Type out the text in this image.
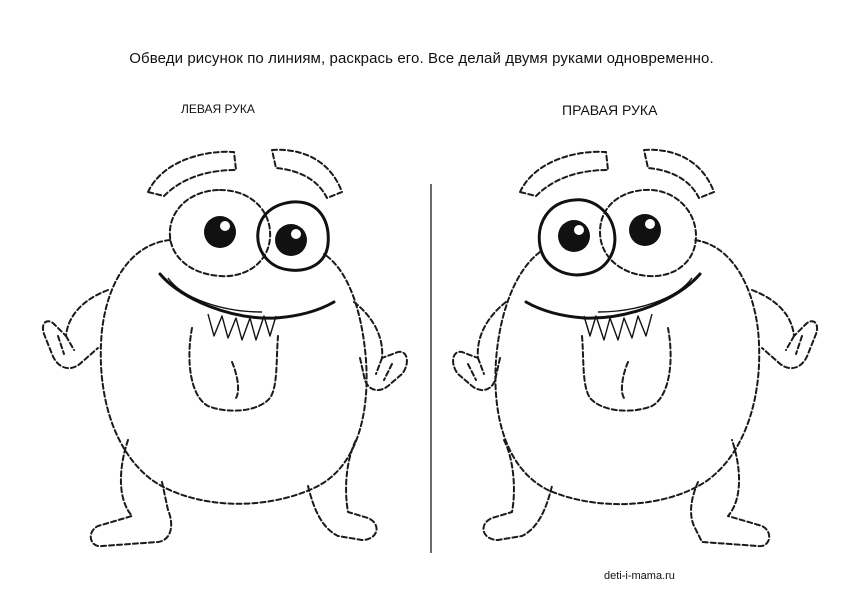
Обведи рисунок по линиям, раскрась его. Все делай двумя руками одновременно.
ЛЕВАЯ РУКА	ПРАВАЯ РУКА
deti-i-mama.ru
